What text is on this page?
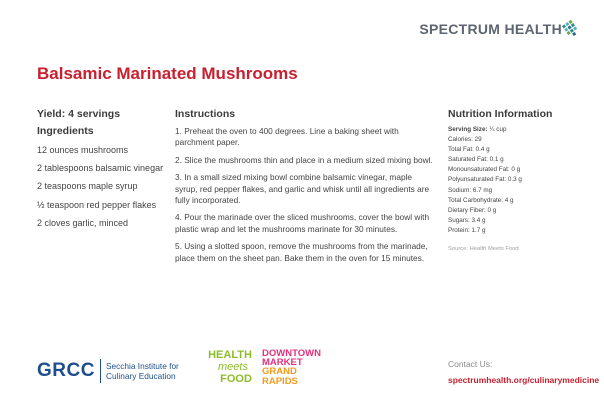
SPECTRUM HEALTH
Balsamic Marinated Mushrooms
Yield: 4 servings
Ingredients
12 ounces mushrooms
2 tablespoons balsamic vinegar
2 teaspoons maple syrup
½ teaspoon red pepper flakes
2 cloves garlic, minced
Instructions
1. Preheat the oven to 400 degrees. Line a baking sheet with parchment paper.
2. Slice the mushrooms thin and place in a medium sized mixing bowl.
3. In a small sized mixing bowl combine balsamic vinegar, maple syrup, red pepper flakes, and garlic and whisk until all ingredients are fully incorporated.
4. Pour the marinade over the sliced mushrooms, cover the bowl with plastic wrap and let the mushrooms marinate for 30 minutes.
5. Using a slotted spoon, remove the mushrooms from the marinade, place them on the sheet pan. Bake them in the oven for 15 minutes.
Nutrition Information
Serving Size: ¼ cup
Calories: 29
Total Fat: 0.4 g
Saturated Fat: 0.1 g
Monounsaturated Fat: 0 g
Polyunsaturated Fat: 0.3 g
Sodium: 6.7 mg
Total Carbohydrate: 4 g
Dietary Fiber: 0 g
Sugars: 3.4 g
Protein: 1.7 g
Source: Health Meets Food
GRCC Secchia Institute for
Culinary Education
HEALTH
meets
FOOD
DOWNTOWN
MARKET
GRAND
RAPIDS
Contact Us:
spectrumhealth.org/culinarymedicine
